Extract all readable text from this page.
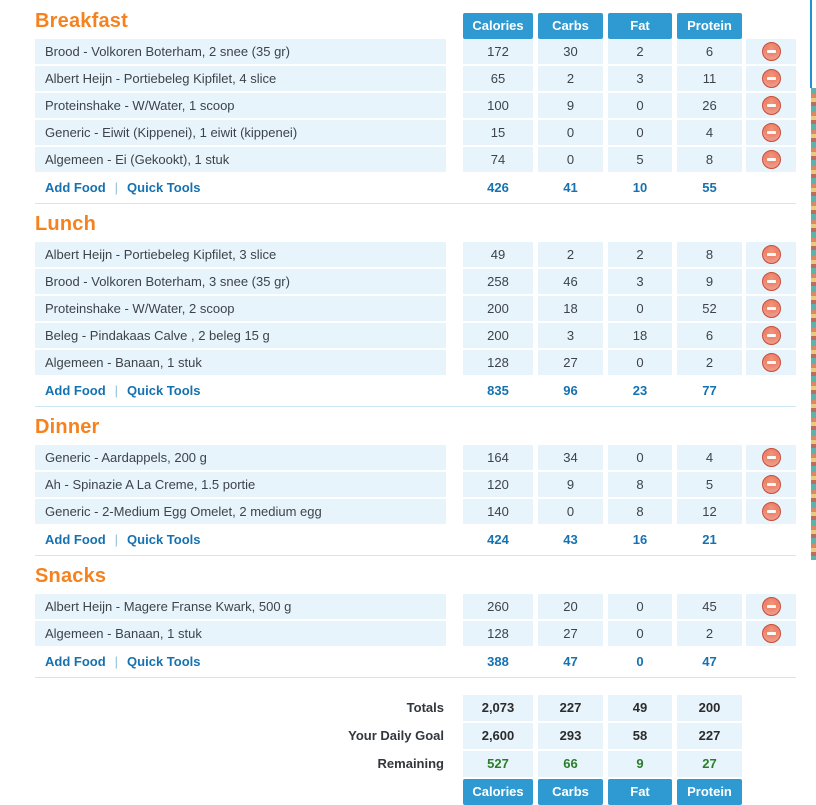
Calories	Carbs	Fat	Protein
Breakfast
Brood - Volkoren Boterham, 2 snee (35 gr)	172	30	2	6
Albert Heijn - Portiebeleg Kipfilet, 4 slice	65	2	3	11
Proteinshake - W/Water, 1 scoop	100	9	0	26
Generic - Eiwit (Kippenei), 1 eiwit (kippenei)	15	0	0	4
Algemeen - Ei (Gekookt), 1 stuk	74	0	5	8
Add Food | Quick Tools	426	41	10	55
Lunch
Albert Heijn - Portiebeleg Kipfilet, 3 slice	49	2	2	8
Brood - Volkoren Boterham, 3 snee (35 gr)	258	46	3	9
Proteinshake - W/Water, 2 scoop	200	18	0	52
Beleg - Pindakaas Calve , 2 beleg 15 g	200	3	18	6
Algemeen - Banaan, 1 stuk	128	27	0	2
Add Food | Quick Tools	835	96	23	77
Dinner
Generic - Aardappels, 200 g	164	34	0	4
Ah - Spinazie A La Creme, 1.5 portie	120	9	8	5
Generic - 2-Medium Egg Omelet, 2 medium egg	140	0	8	12
Add Food | Quick Tools	424	43	16	21
Snacks
Albert Heijn - Magere Franse Kwark, 500 g	260	20	0	45
Algemeen - Banaan, 1 stuk	128	27	0	2
Add Food | Quick Tools	388	47	0	47
Totals	2,073	227	49	200
Your Daily Goal	2,600	293	58	227
Remaining	527	66	9	27
Calories	Carbs	Fat	Protein
